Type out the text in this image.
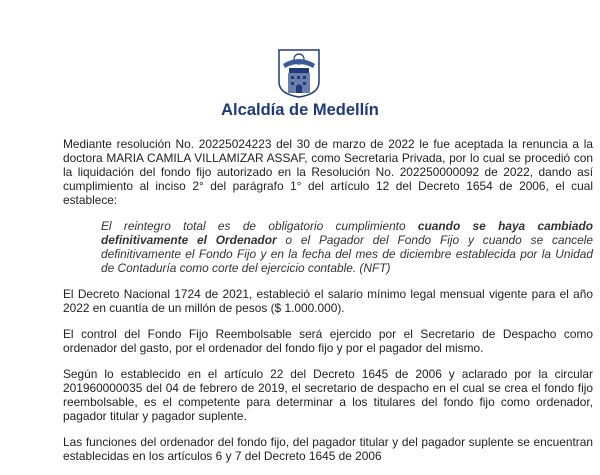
Alcaldía de Medellín

Mediante resolución No. 20225024223 del 30 de marzo de 2022 le fue aceptada la renuncia a la doctora MARIA CAMILA VILLAMIZAR ASSAF, como Secretaria Privada, por lo cual se procedió con la liquidación del fondo fijo autorizado en la Resolución No. 202250000092 de 2022, dando así cumplimiento al inciso 2° del parágrafo 1° del artículo 12 del Decreto 1654 de 2006, el cual establece:

El reintegro total es de obligatorio cumplimiento cuando se haya cambiado definitivamente el Ordenador o el Pagador del Fondo Fijo y cuando se cancele definitivamente el Fondo Fijo y en la fecha del mes de diciembre establecida por la Unidad de Contaduría como corte del ejercicio contable. (NFT)

El Decreto Nacional 1724 de 2021, estableció el salario mínimo legal mensual vigente para el año 2022 en cuantía de un millón de pesos ($ 1.000.000).

El control del Fondo Fijo Reembolsable será ejercido por el Secretario de Despacho como ordenador del gasto, por el ordenador del fondo fijo y por el pagador del mismo.

Según lo establecido en el artículo 22 del Decreto 1645 de 2006 y aclarado por la circular 201960000035 del 04 de febrero de 2019, el secretario de despacho en el cual se crea el fondo fijo reembolsable, es el competente para determinar a los titulares del fondo fijo como ordenador, pagador titular y pagador suplente.

Las funciones del ordenador del fondo fijo, del pagador titular y del pagador suplente se encuentran establecidas en los artículos 6 y 7 del Decreto 1645 de 2006
